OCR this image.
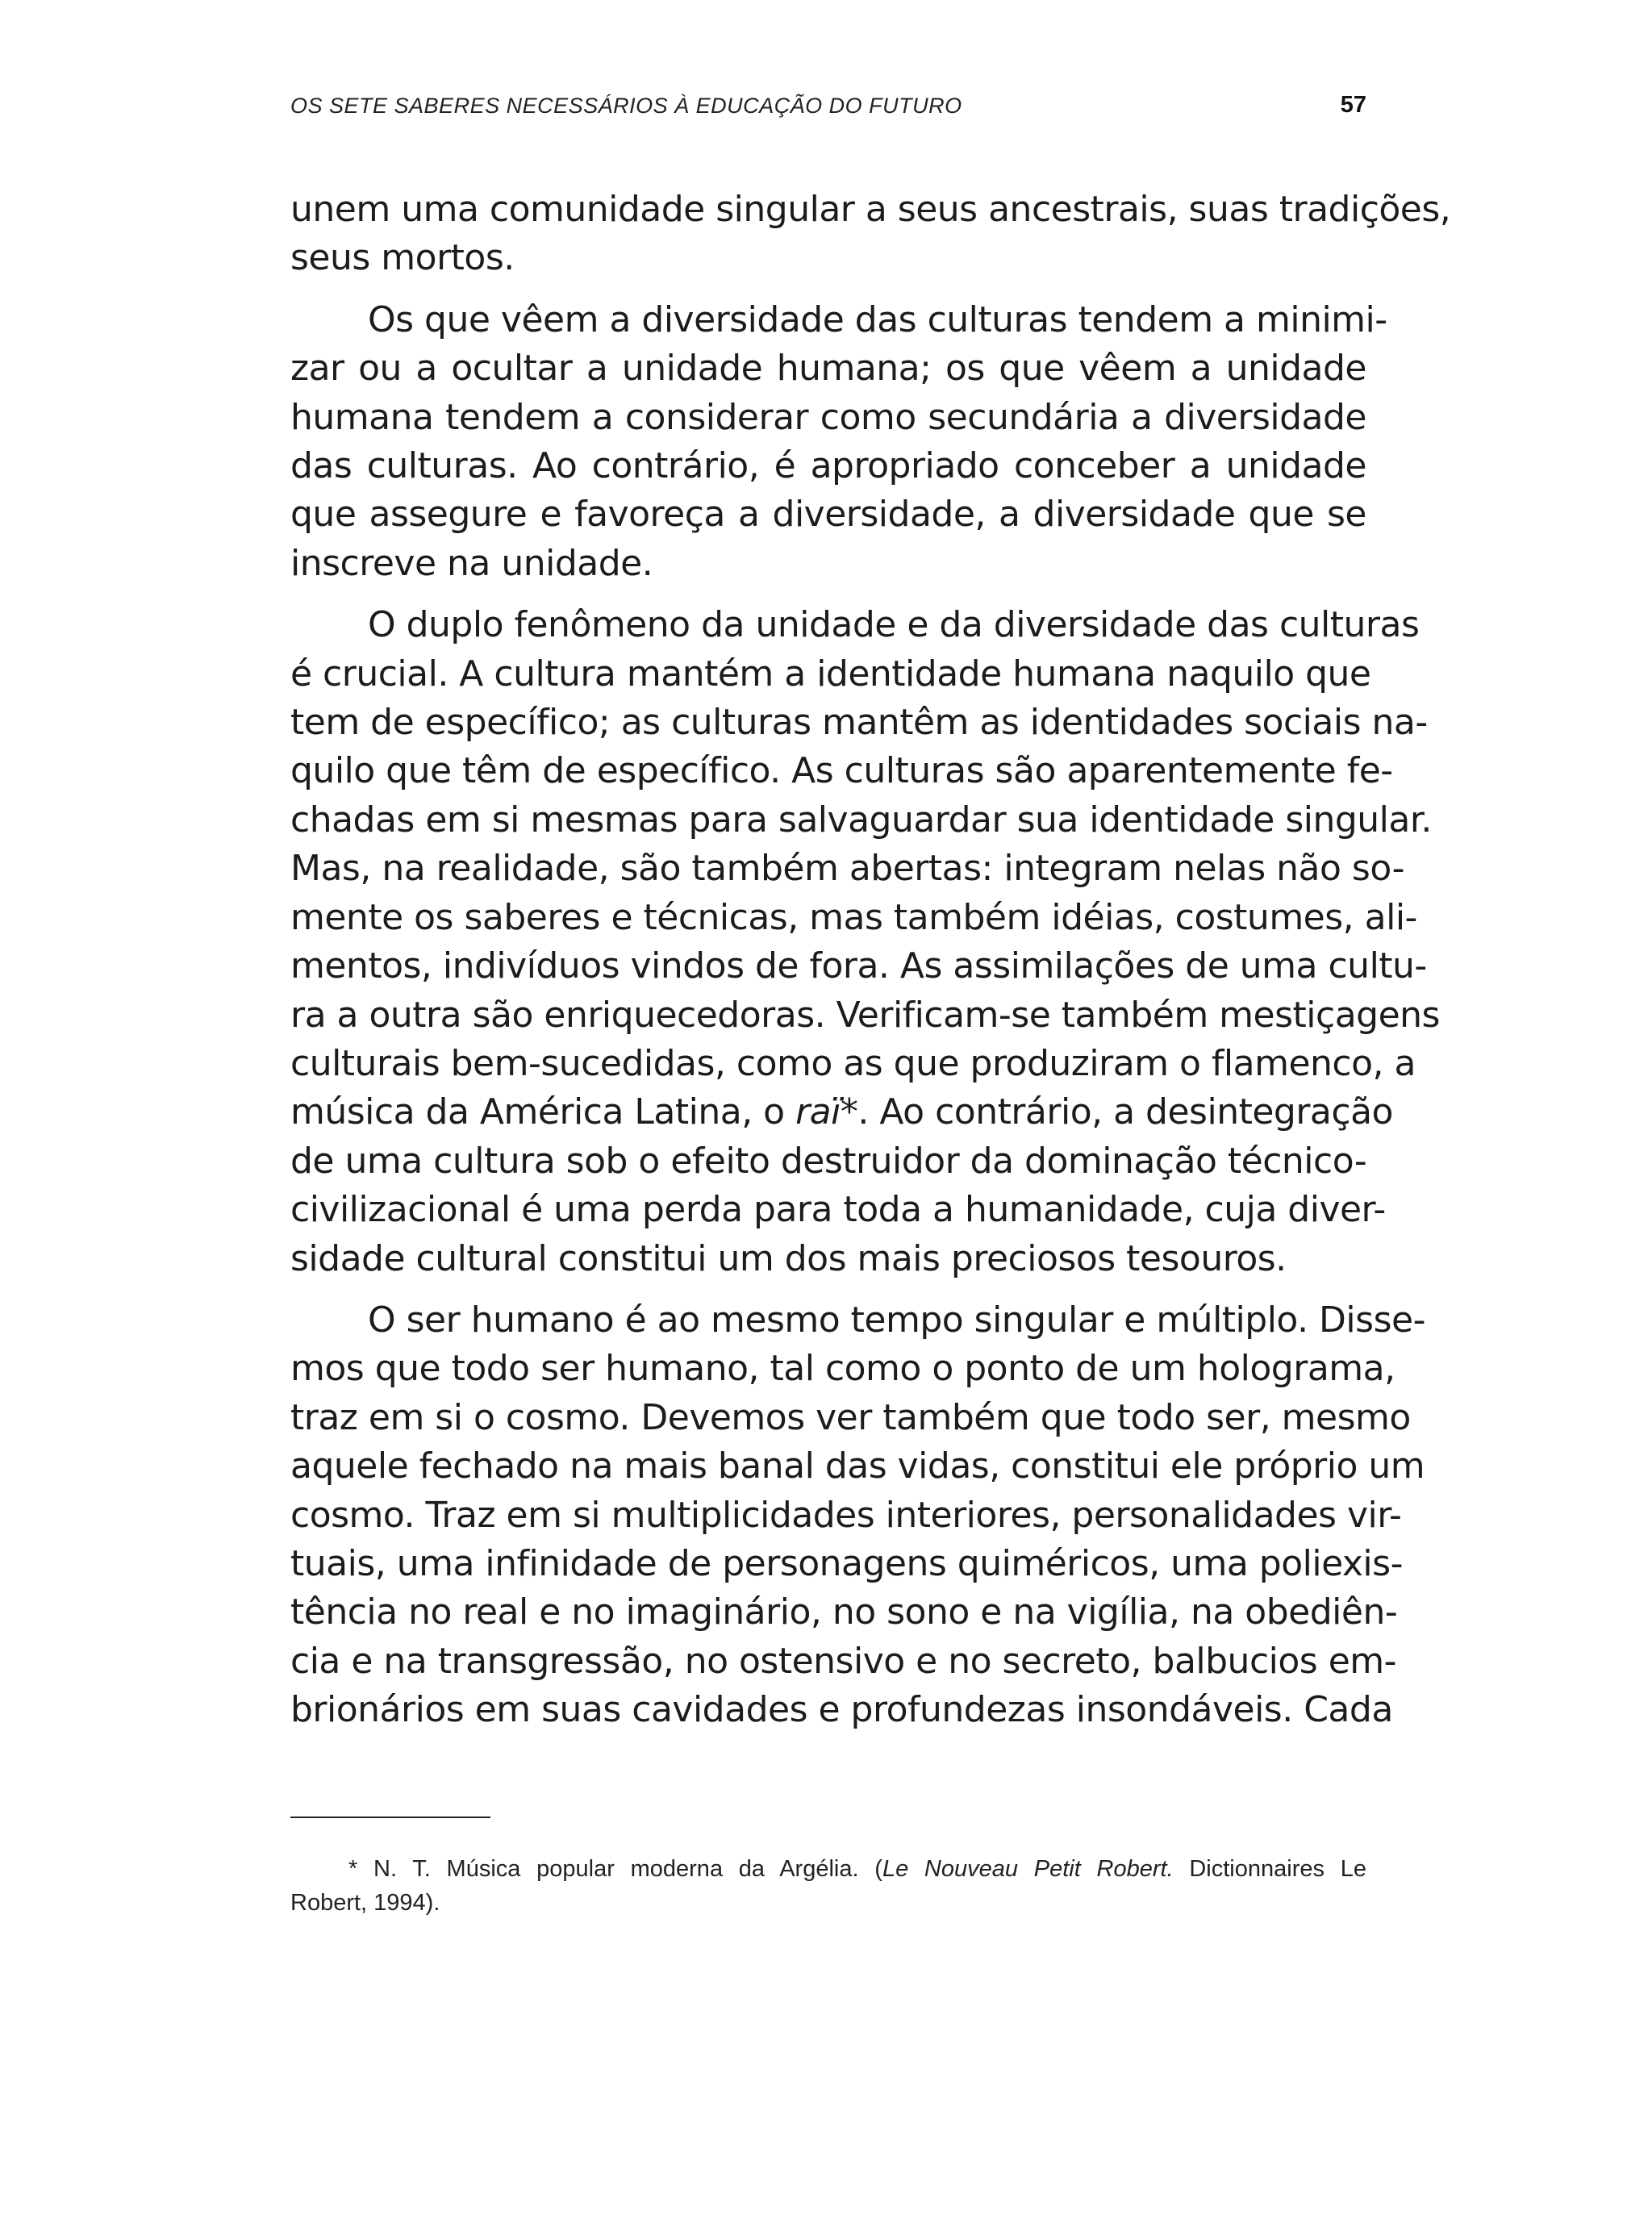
OS SETE SABERES NECESSÁRIOS À EDUCAÇÃO DO FUTURO	57
unem uma comunidade singular a seus ancestrais, suas tradições,
seus mortos.
Os que vêem a diversidade das culturas tendem a minimi-
zar ou a ocultar a unidade humana; os que vêem a unidade
humana tendem a considerar como secundária a diversidade
das culturas. Ao contrário, é apropriado conceber a unidade
que assegure e favoreça a diversidade, a diversidade que se
inscreve na unidade.
O duplo fenômeno da unidade e da diversidade das culturas
é crucial. A cultura mantém a identidade humana naquilo que
tem de específico; as culturas mantêm as identidades sociais na-
quilo que têm de específico. As culturas são aparentemente fe-
chadas em si mesmas para salvaguardar sua identidade singular.
Mas, na realidade, são também abertas: integram nelas não so-
mente os saberes e técnicas, mas também idéias, costumes, ali-
mentos, indivíduos vindos de fora. As assimilações de uma cultu-
ra a outra são enriquecedoras. Verificam-se também mestiçagens
culturais bem-sucedidas, como as que produziram o flamenco, a
música da América Latina, o raï*. Ao contrário, a desintegração
de uma cultura sob o efeito destruidor da dominação técnico-
civilizacional é uma perda para toda a humanidade, cuja diver-
sidade cultural constitui um dos mais preciosos tesouros.
O ser humano é ao mesmo tempo singular e múltiplo. Disse-
mos que todo ser humano, tal como o ponto de um holograma,
traz em si o cosmo. Devemos ver também que todo ser, mesmo
aquele fechado na mais banal das vidas, constitui ele próprio um
cosmo. Traz em si multiplicidades interiores, personalidades vir-
tuais, uma infinidade de personagens quiméricos, uma poliexis-
tência no real e no imaginário, no sono e na vigília, na obediên-
cia e na transgressão, no ostensivo e no secreto, balbucios em-
brionários em suas cavidades e profundezas insondáveis. Cada
* N. T. Música popular moderna da Argélia. (Le Nouveau Petit Robert. Dictionnaires Le
Robert, 1994).
